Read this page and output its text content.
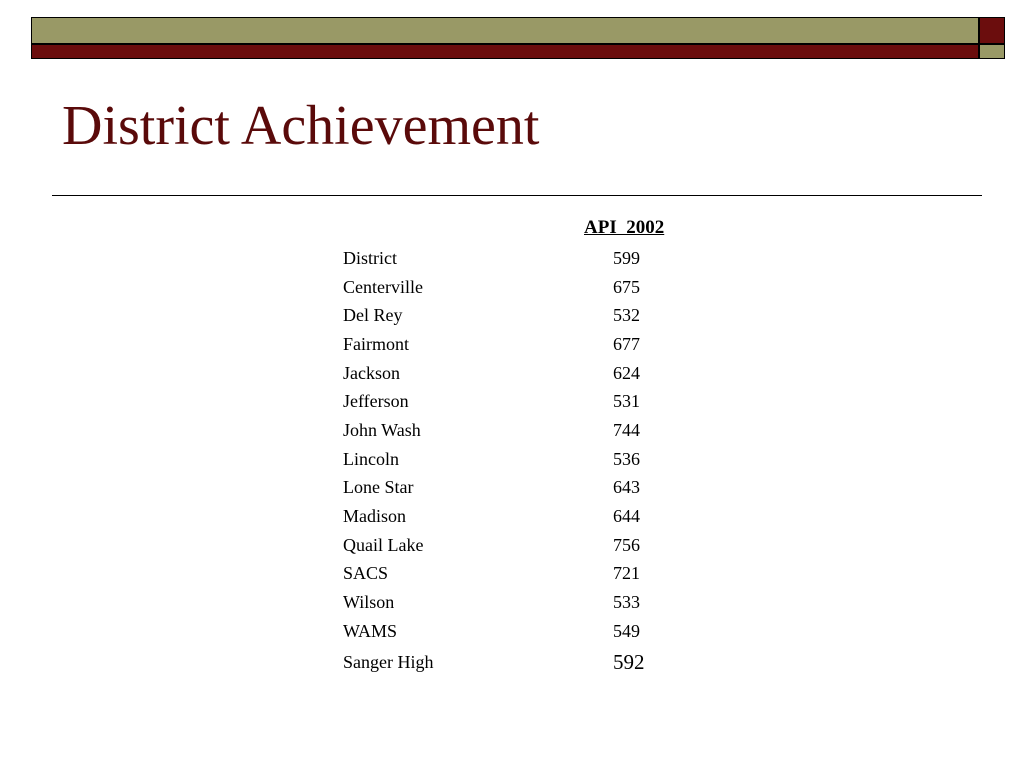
District Achievement
API  2002
District	599
Centerville	675
Del Rey	532
Fairmont	677
Jackson	624
Jefferson	531
John Wash	744
Lincoln	536
Lone Star	643
Madison	644
Quail Lake	756
SACS	721
Wilson	533
WAMS	549
Sanger High	592
